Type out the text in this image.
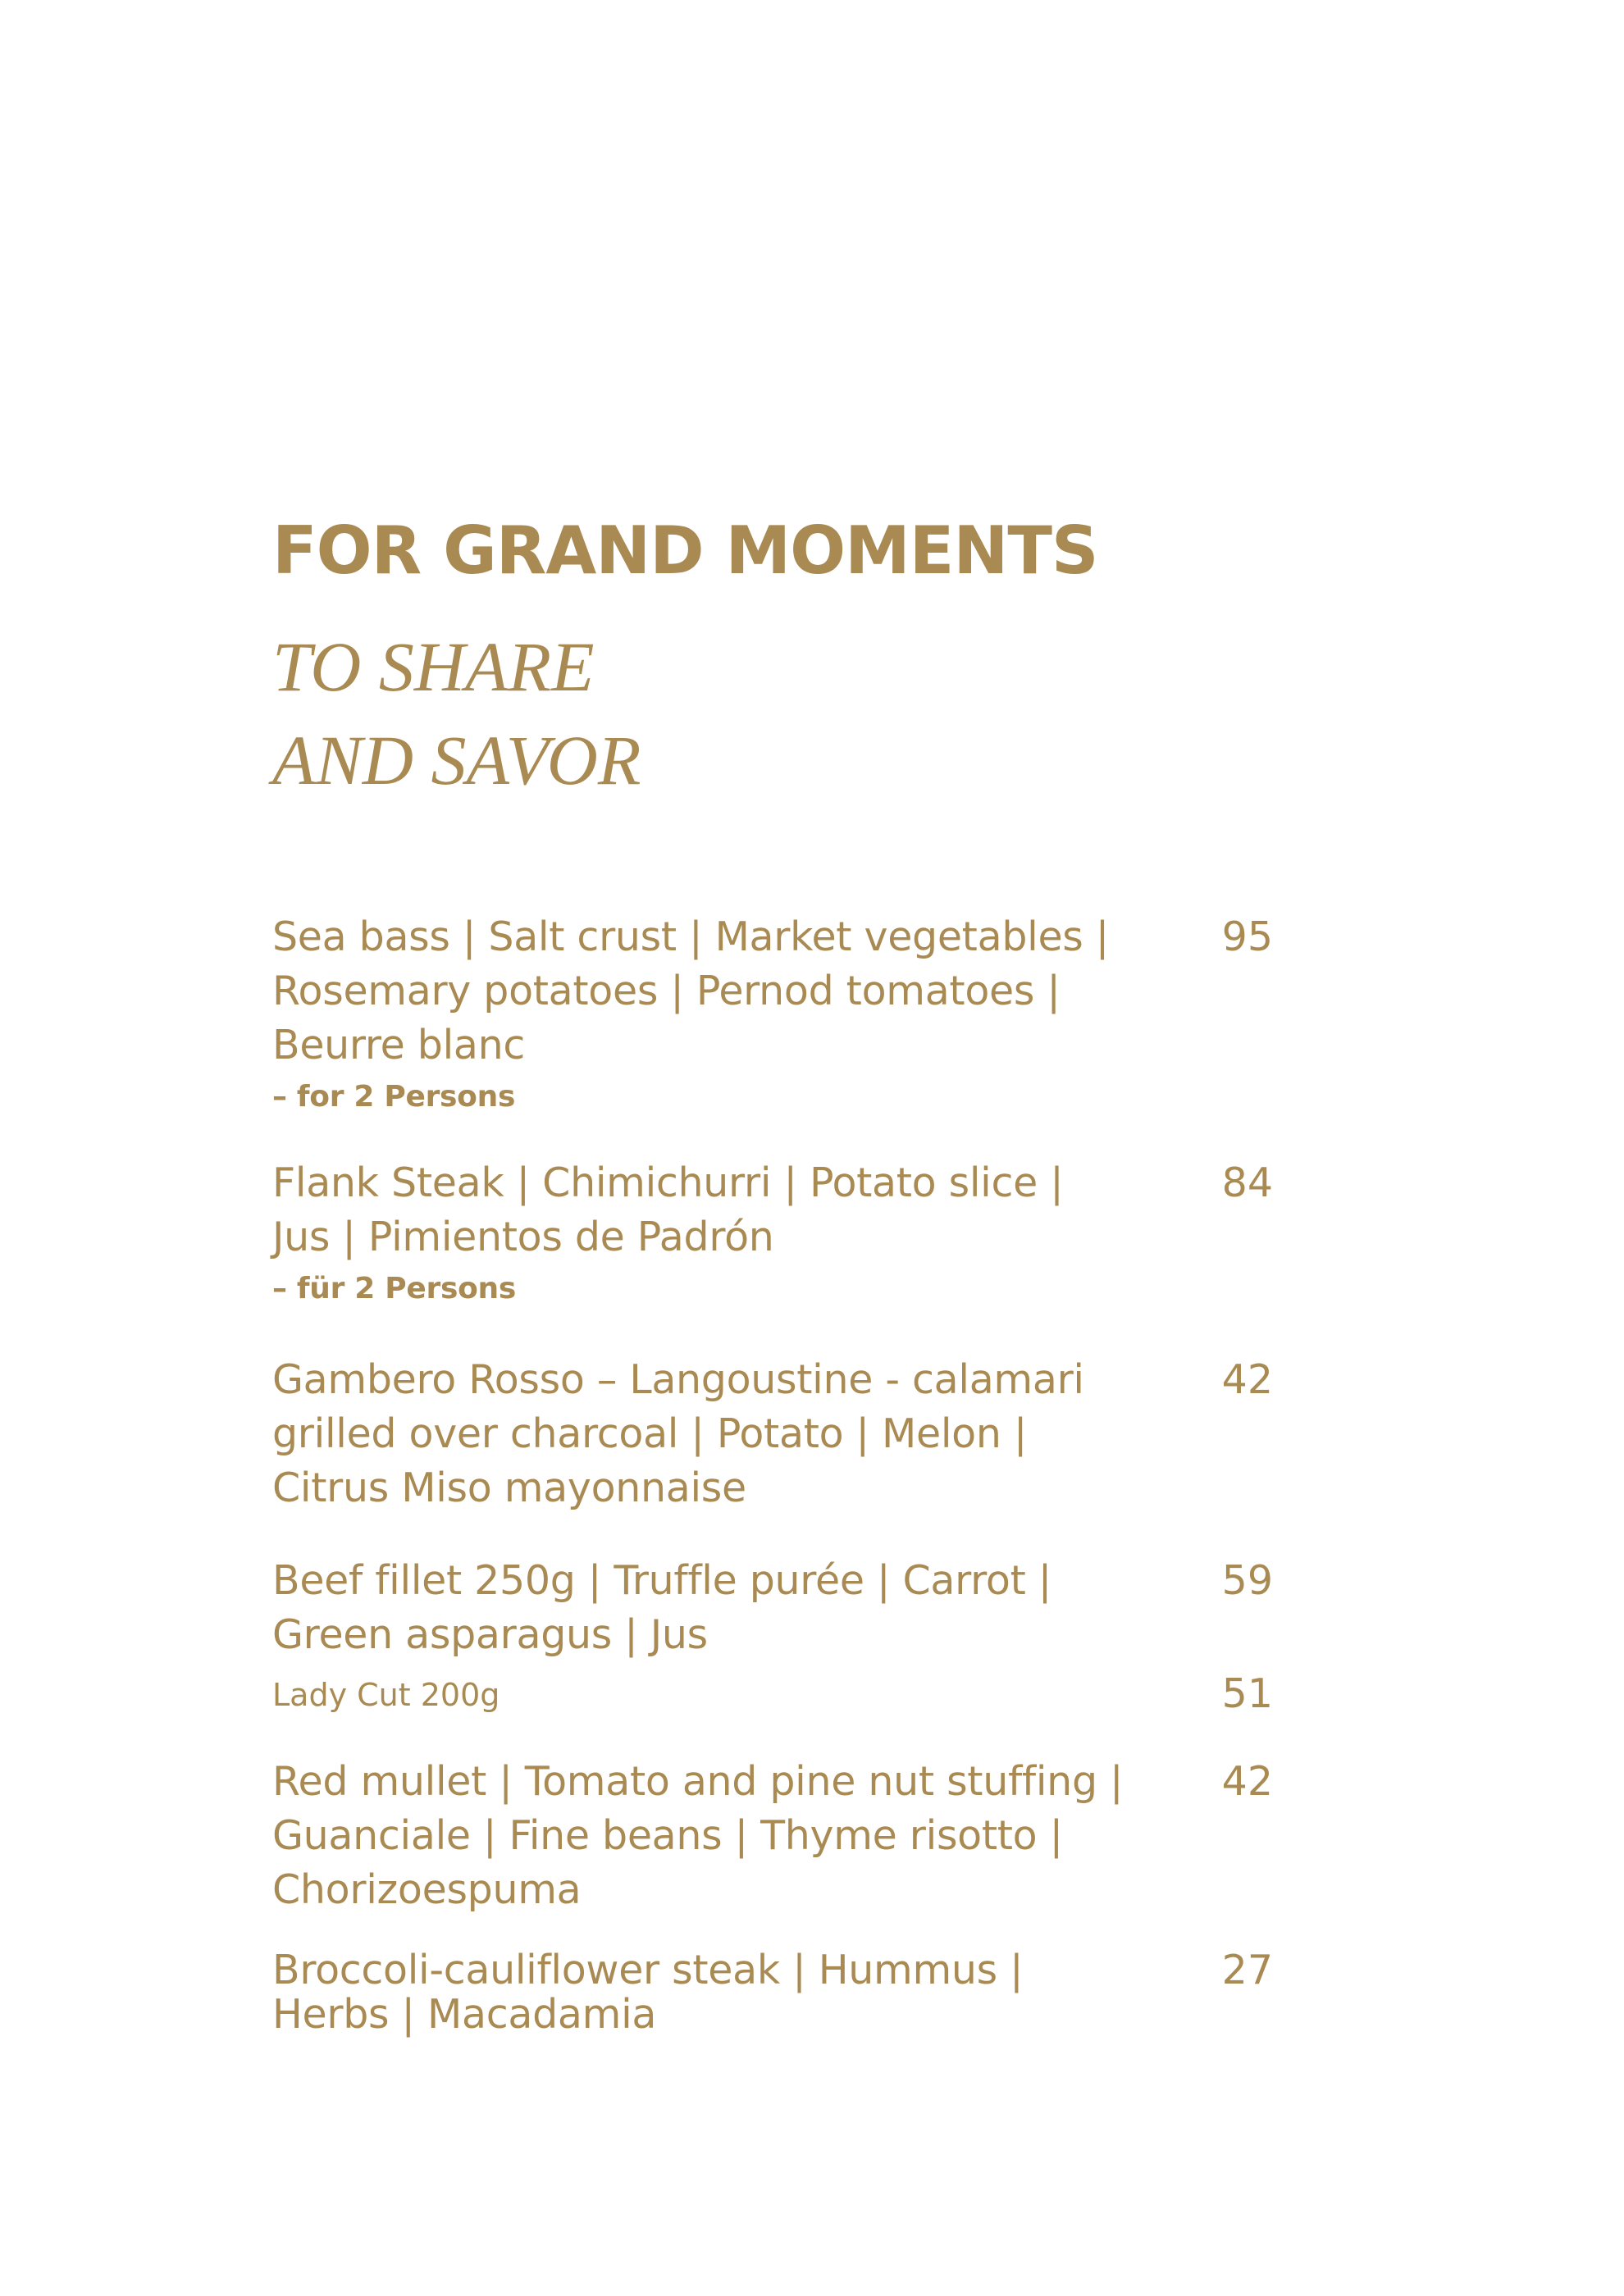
FOR GRAND MOMENTS
TO SHARE
AND SAVOR
Sea bass | Salt crust | Market vegetables |
Rosemary potatoes | Pernod tomatoes |
Beurre blanc
– for 2 Persons
95
Flank Steak | Chimichurri | Potato slice |
Jus | Pimientos de Padrón
– für 2 Persons
84
Gambero Rosso – Langoustine - calamari
grilled over charcoal | Potato | Melon |
Citrus Miso mayonnaise
42
Beef fillet 250g | Truffle purée | Carrot |
Green asparagus | Jus
59
Lady Cut 200g	51
Red mullet | Tomato and pine nut stuffing |
Guanciale | Fine beans | Thyme risotto |
Chorizoespuma
42
Broccoli-cauliflower steak | Hummus |
Herbs | Macadamia
27
